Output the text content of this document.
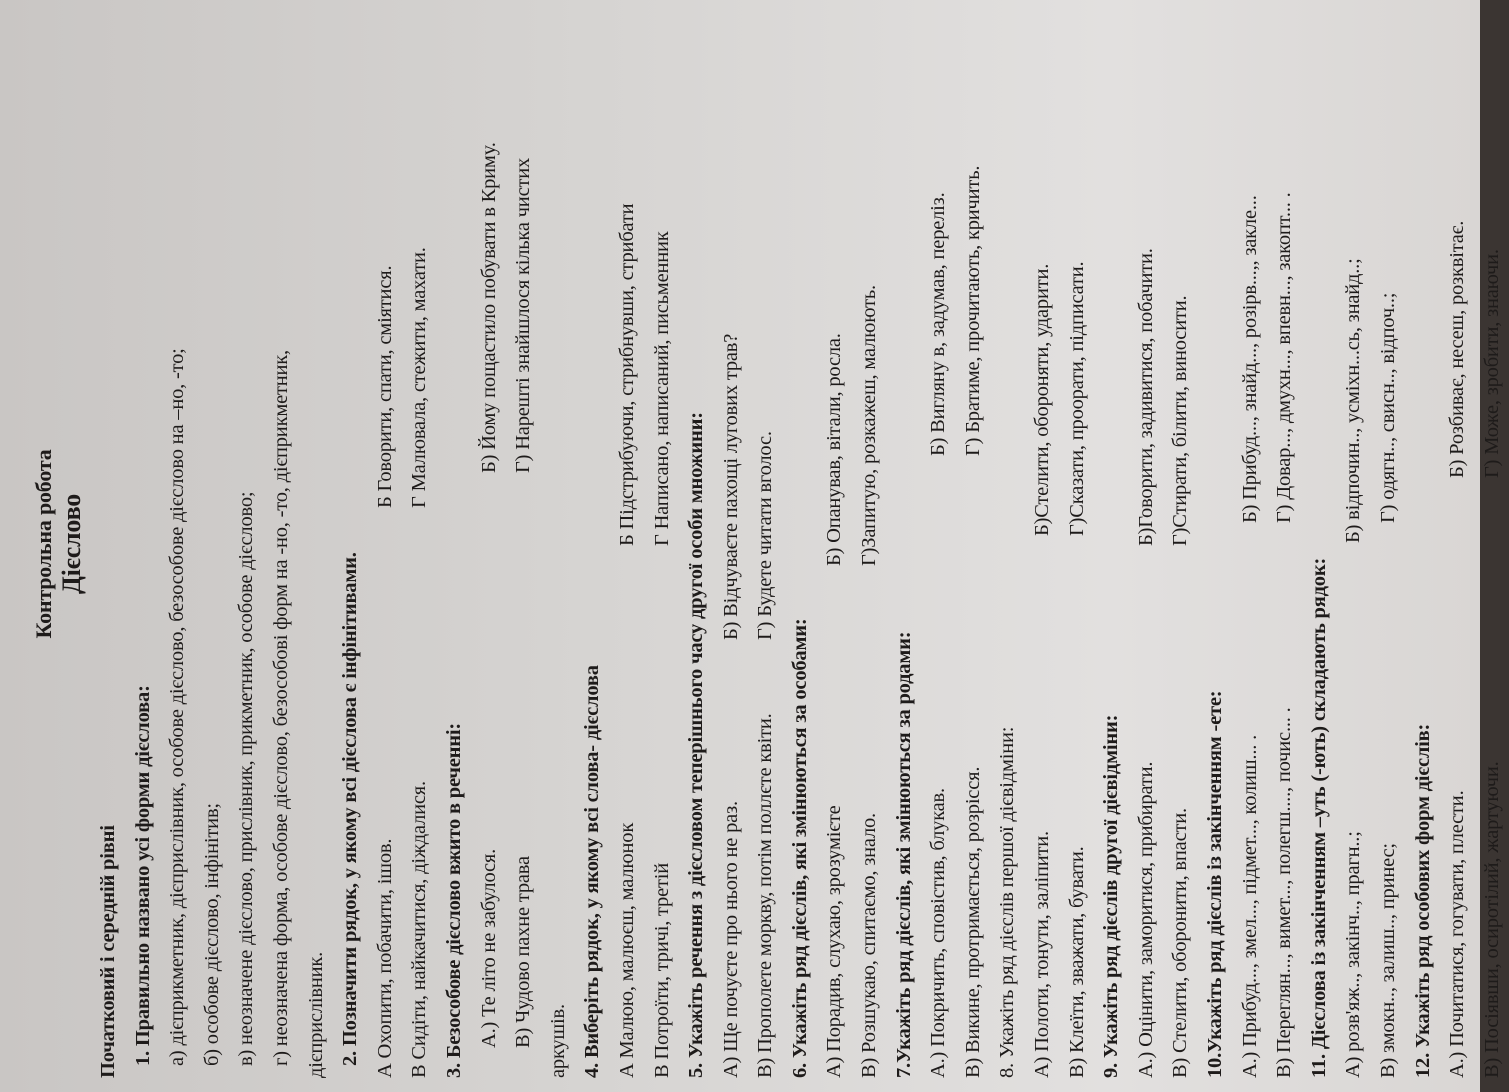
Контрольна робота Дієслово
Початковий і середній рівні 1. Правильно названо усі форми дієслова: а) дієприкметник, дієприслівник, особове дієслово, безособове дієслово на –но, -то; б) особове дієслово, інфінітив; в) неозначене дієслово, прислівник, прикметник, особове дієслово; г) неозначена форма, особове дієслово, безособові форм на -но, -то, дієприкметник, дієприслівник. 2. Позначити рядок, у якому всі дієслова є інфінітивами. А Охопити, побачити, ішов.
Б Говорити, спати, сміятися.
В Сидіти, найкачитися, діждалися.
Г Малювала, стежити, махати.
3. Безособове дієслово вжито в реченні: А.) Те літо не забулося.
Б) Йому пощастило побувати в Криму.
В) Чудово пахне трава
Г) Нарешті знайшлося кілька чистих
аркушів. 4. Виберіть рядок, у якому всі слова- дієслова А Малюю, малюєш, малюнок
Б Підстрибуючи, стрибнувши, стрибати
В Потроїти, тричі, третій
Г Написано, написаний, письменник
5. Укажіть речення з дієсловом теперішнього часу другої особи множини: А) Ще почуєте про нього не раз.
Б) Відчуваєте пахощі лугових трав?
В) Прополете моркву, потім поллєте квіти.
Г) Будете читати вголос.
6. Укажіть ряд дієслів, які змінюються за особами: А) Порадив, слухаю, зрозумієте
Б) Опанував, вітали, росла.
В) Розшукаю, спитаємо, знало.
Г)Запитую, розкажеш, малюють.
7.Укажіть ряд дієслів, які змінюються за родами: А.) Покричить, сповістив, блукав.
Б) Вигляну в, задумав, переліз.
В) Викине, протримається, розрісся.
Г) Братиме, прочитають, кричить.
8. Укажіть ряд дієслів першої дієвідміни: А) Полоти, тонути, заліпити.
Б)Стелити, обороняти, ударити.
В) Клеїти, зважати, бувати.
Г)Сказати, проорати, підписати.
9. Укажіть ряд дієслів другої дієвідміни: А.) Оцінити, заморитися, прибирати.
Б)Говорити, задивитися, побачити.
В) Стелити, оборонити, впасти.
Г)Стирати, білити, виносити.
10.Укажіть ряд дієслів із закінченням -ете: А.) Прибуд..., змел..., підмет..., колиш... .
Б) Прибуд..., знайд..., розірв...,, закле...
В) Переглян..., вимет..., полегш...., почис... .
Г) Довар..., дмухн..., впевн..., закопт... .
11. Дієслова із закінченням –уть (-ють) складають рядок: А) розв'яж.., закінч.., прагн..;
Б) відпочин.., усміхн...сь, знайд..;
В) змокн.., залиш.., принес;
Г) одягн.., свисн.., відпоч..;
12. Укажіть ряд особових форм дієслів: А.) Почитатися, гогувати, плести.
Б) Розбиває, несеш, розквітає.
В) Посіявши, осиротілий, жартуючи.
Г) Може, зробити, знаючи.
